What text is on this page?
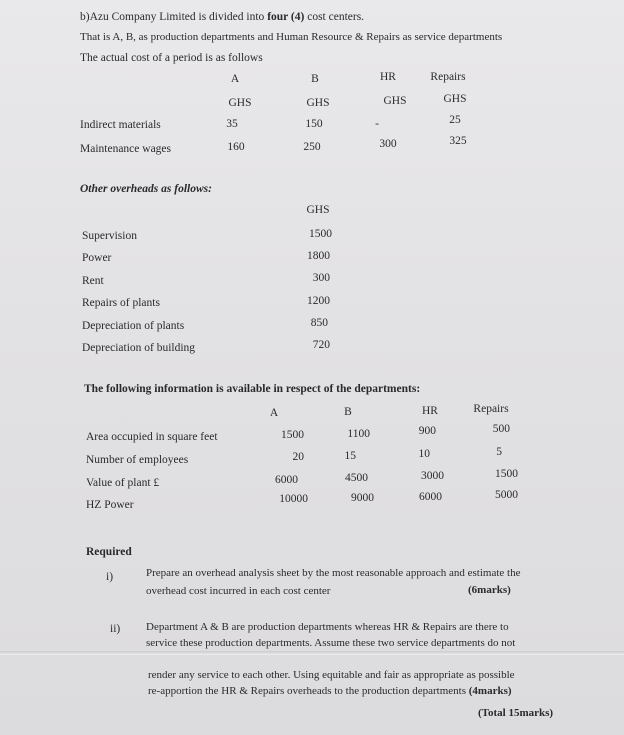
b)Azu Company Limited is divided into four (4) cost centers.
That is A, B, as production departments and Human Resource & Repairs as service departments
The actual cost of a period is as follows
A	B	HR	Repairs
GHS	GHS	GHS	GHS
Indirect materials	35	150	-	25
Maintenance wages	160	250	300	325
Other overheads as follows:
GHS
Supervision	1500
Power	1800
Rent	300
Repairs of plants	1200
Depreciation of plants	850
Depreciation of building	720
The following information is available in respect of the departments:
A	B	HR	Repairs
Area occupied in square feet	1500	1100	900	500
Number of employees	20	15	10	5
Value of plant £	6000	4500	3000	1500
HZ Power	10000	9000	6000	5000
Required
i)	Prepare an overhead analysis sheet by the most reasonable approach and estimate the
overhead cost incurred in each cost center	(6marks)
ii) Department A & B are production departments whereas HR & Repairs are there to
service these production departments. Assume these two service departments do not
render any service to each other. Using equitable and fair as appropriate as possible
re-apportion the HR & Repairs overheads to the production departments (4marks)
(Total 15marks)
